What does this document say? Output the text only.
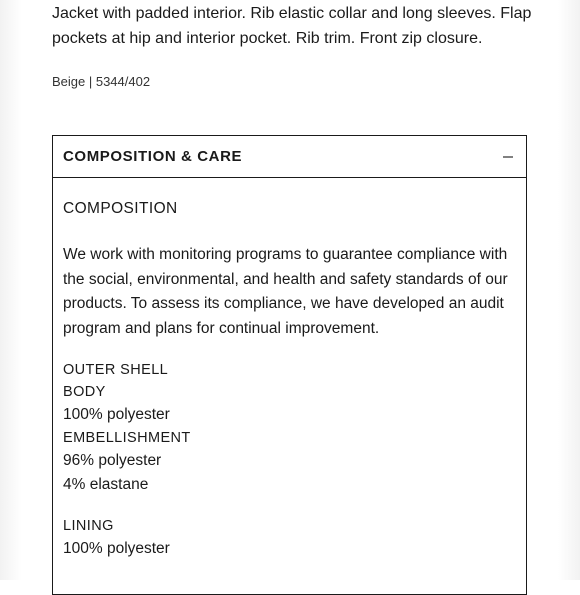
Jacket with padded interior. Rib elastic collar and long sleeves. Flap pockets at hip and interior pocket. Rib trim. Front zip closure.

Beige | 5344/402

COMPOSITION & CARE
COMPOSITION

We work with monitoring programs to guarantee compliance with the social, environmental, and health and safety standards of our products. To assess its compliance, we have developed an audit program and plans for continual improvement.

OUTER SHELL
BODY
100% polyester
EMBELLISHMENT
96% polyester
4% elastane
LINING
100% polyester
